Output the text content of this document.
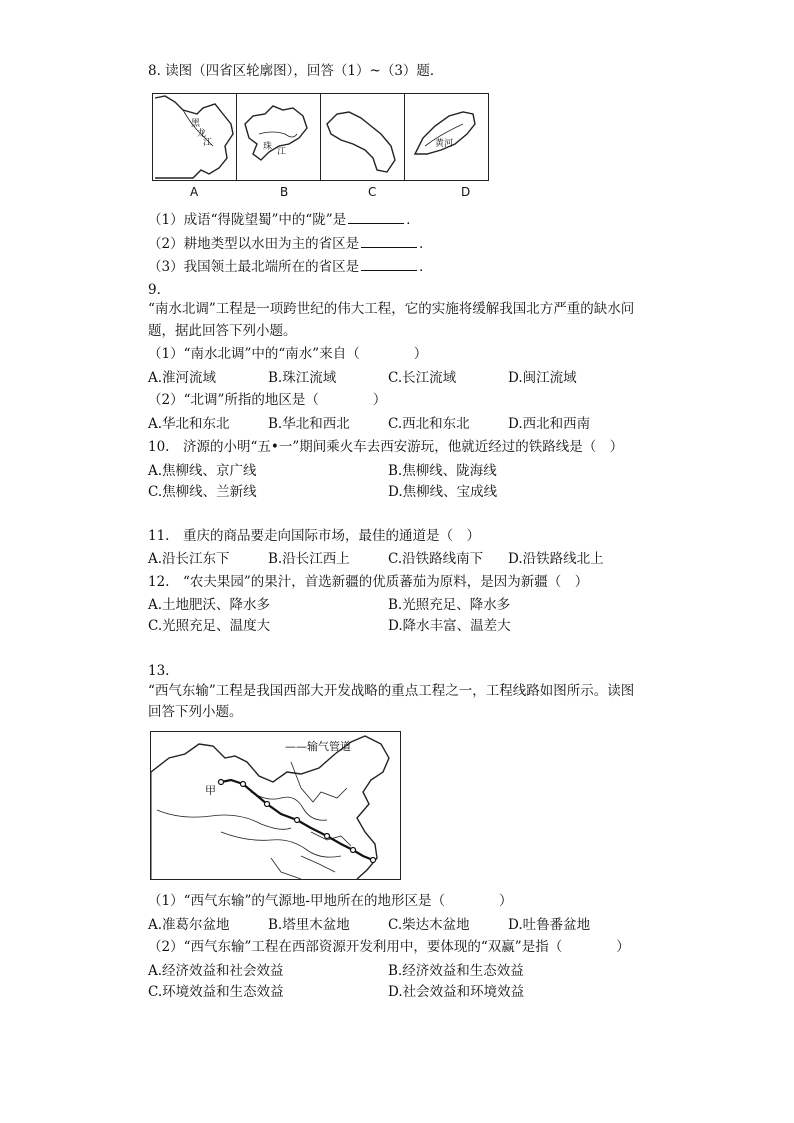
8. 读图（四省区轮廓图），回答（1）~（3）题．
黑
龙
江	珠 江
黄河
A	B	C	D
（1）成语“得陇望蜀”中的“陇”是	．
（2）耕地类型以水田为主的省区是	．
（3）我国领土最北端所在的省区是	．
9.
“南水北调”工程是一项跨世纪的伟大工程，它的实施将缓解我国北方严重的缺水问
题，据此回答下列小题。
（1）“南水北调”中的“南水”来自（　　　　）
A.淮河流域	B.珠江流域	C.长江流域	D.闽江流域
（2）“北调”所指的地区是（　　　　）
A.华北和东北	B.华北和西北	C.西北和东北	D.西北和西南
10.　济源的小明“五•一”期间乘火车去西安游玩，他就近经过的铁路线是（　）
A.焦柳线、京广线	B.焦柳线、陇海线
C.焦柳线、兰新线	D.焦柳线、宝成线
11.　重庆的商品要走向国际市场，最佳的通道是（　）
A.沿长江东下	B.沿长江西上	C.沿铁路线南下 D.沿铁路线北上
12.　“农夫果园”的果汁，首选新疆的优质蕃茄为原料，是因为新疆（　）
A.土地肥沃、降水多	B.光照充足、降水多
C.光照充足、温度大	D.降水丰富、温差大
13.
“西气东输”工程是我国西部大开发战略的重点工程之一，工程线路如图所示。读图
回答下列小题。
——输气管道
甲
（1）“西气东输”的气源地-甲地所在的地形区是（　　　　）
A.准葛尔盆地	B.塔里木盆地	C.柴达木盆地	D.吐鲁番盆地
（2）“西气东输”工程在西部资源开发利用中，要体现的“双赢”是指（　　　　）
A.经济效益和社会效益	B.经济效益和生态效益
C.环境效益和生态效益	D.社会效益和环境效益
